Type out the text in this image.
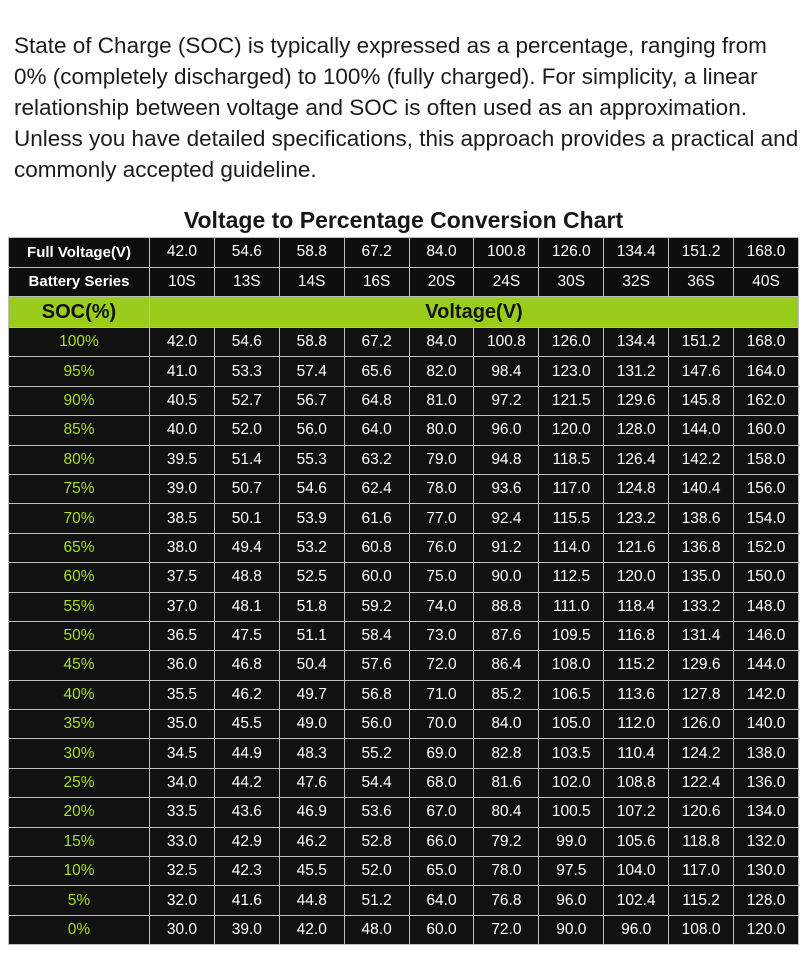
State of Charge (SOC) is typically expressed as a percentage, ranging from 0% (completely discharged) to 100% (fully charged). For simplicity, a linear relationship between voltage and SOC is often used as an approximation. Unless you have detailed specifications, this approach provides a practical and commonly accepted guideline.

Voltage to Percentage Conversion Chart
Full Voltage(V)	42.0	54.6	58.8	67.2	84.0	100.8	126.0	134.4	151.2	168.0
Battery Series	10S	13S	14S	16S	20S	24S	30S	32S	36S	40S
SOC(%)	Voltage(V)									
100%	42.0	54.6	58.8	67.2	84.0	100.8	126.0	134.4	151.2	168.0
95%	41.0	53.3	57.4	65.6	82.0	98.4	123.0	131.2	147.6	164.0
90%	40.5	52.7	56.7	64.8	81.0	97.2	121.5	129.6	145.8	162.0
85%	40.0	52.0	56.0	64.0	80.0	96.0	120.0	128.0	144.0	160.0
80%	39.5	51.4	55.3	63.2	79.0	94.8	118.5	126.4	142.2	158.0
75%	39.0	50.7	54.6	62.4	78.0	93.6	117.0	124.8	140.4	156.0
70%	38.5	50.1	53.9	61.6	77.0	92.4	115.5	123.2	138.6	154.0
65%	38.0	49.4	53.2	60.8	76.0	91.2	114.0	121.6	136.8	152.0
60%	37.5	48.8	52.5	60.0	75.0	90.0	112.5	120.0	135.0	150.0
55%	37.0	48.1	51.8	59.2	74.0	88.8	111.0	118.4	133.2	148.0
50%	36.5	47.5	51.1	58.4	73.0	87.6	109.5	116.8	131.4	146.0
45%	36.0	46.8	50.4	57.6	72.0	86.4	108.0	115.2	129.6	144.0
40%	35.5	46.2	49.7	56.8	71.0	85.2	106.5	113.6	127.8	142.0
35%	35.0	45.5	49.0	56.0	70.0	84.0	105.0	112.0	126.0	140.0
30%	34.5	44.9	48.3	55.2	69.0	82.8	103.5	110.4	124.2	138.0
25%	34.0	44.2	47.6	54.4	68.0	81.6	102.0	108.8	122.4	136.0
20%	33.5	43.6	46.9	53.6	67.0	80.4	100.5	107.2	120.6	134.0
15%	33.0	42.9	46.2	52.8	66.0	79.2	99.0	105.6	118.8	132.0
10%	32.5	42.3	45.5	52.0	65.0	78.0	97.5	104.0	117.0	130.0
5%	32.0	41.6	44.8	51.2	64.0	76.8	96.0	102.4	115.2	128.0
0%	30.0	39.0	42.0	48.0	60.0	72.0	90.0	96.0	108.0	120.0
